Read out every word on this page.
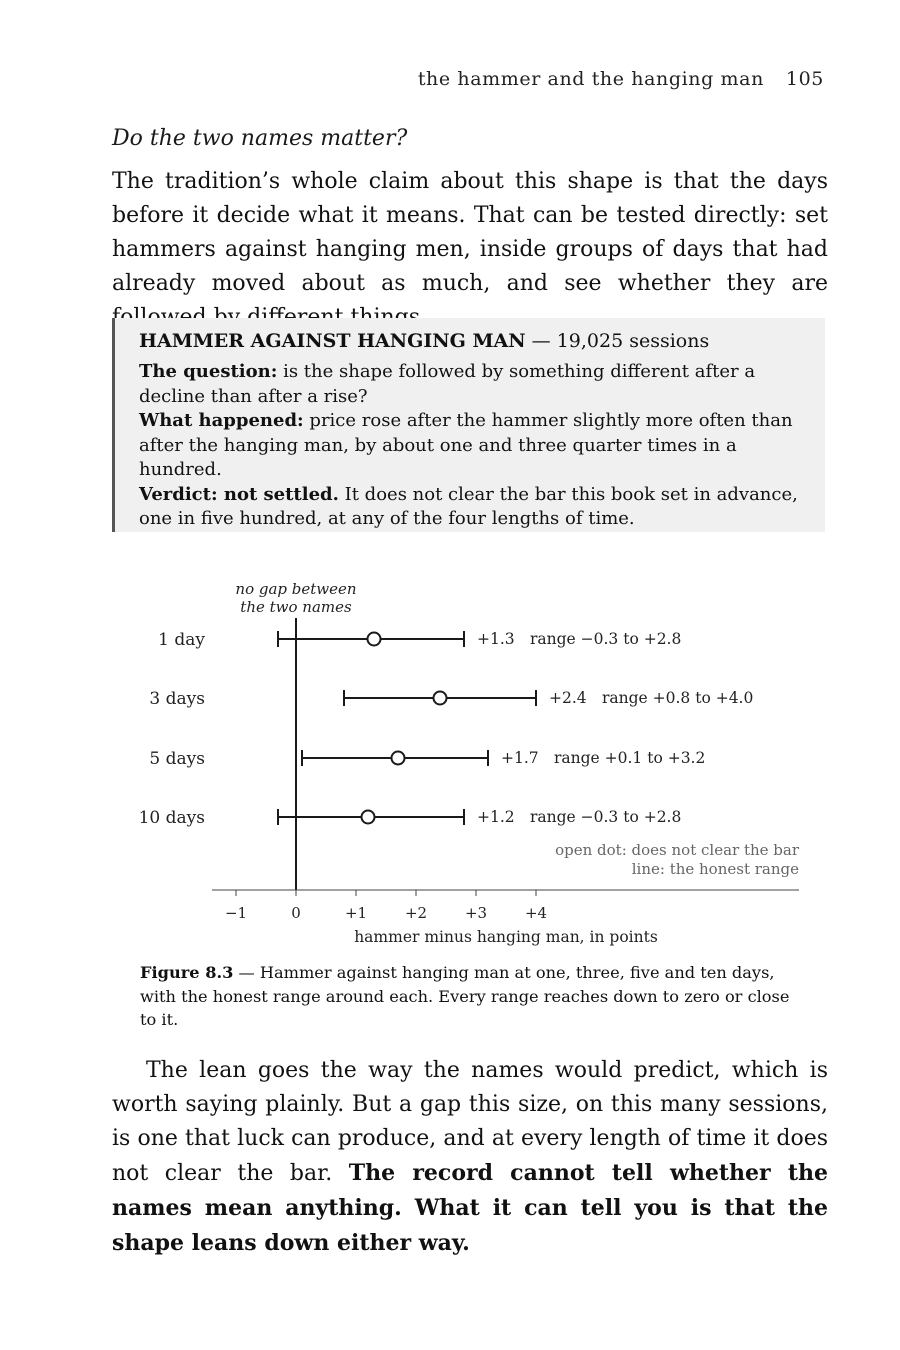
the hammer and the hanging man 105
Do the two names matter?

The tradition’s whole claim about this shape is that the days before it decide what it means. That can be tested directly: set hammers against hanging men, inside groups of days that had already moved about as much, and see whether they are

HAMMER AGAINST HANGING MAN — 19,025 sessions

The question: is the shape followed by something different after a decline than after a rise?

What happened: price rose after the hammer slightly more often than after the hanging man, by about one and three quarter times in a hundred.

Verdict: not settled. It does not clear the bar this book set in advance, one in five hundred, at any of the four lengths of time.

no gap between
the two names
−1	0	+1	+2	+3	+4
hammer minus hanging man, in points
1 day	+1.3 range −0.3 to +2.8
3 days	+2.4 range +0.8 to +4.0
5 days	+1.7 range +0.1 to +3.2
10 days	+1.2 range −0.3 to +2.8
open dot: does not clear the bar
line: the honest range
Figure 8.3 — Hammer against hanging man at one, three, five and ten days, with the honest range around each. Every range reaches down to zero or close to it.

The lean goes the way the names would predict, which is worth saying plainly. But a gap this size, on this many sessions, is one that luck can produce, and at every length of time it does not clear the bar. The record cannot tell whether the names mean anything. What it can tell you is that the shape leans down either way.
